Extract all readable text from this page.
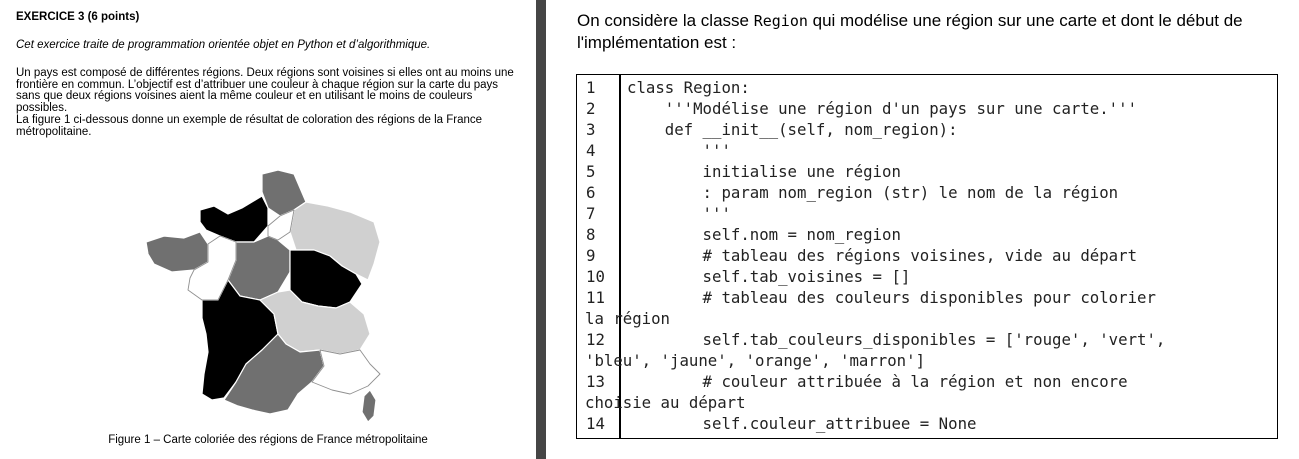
EXERCICE 3 (6 points)
Cet exercice traite de programmation orientée objet en Python et d’algorithmique.

Un pays est composé de différentes régions. Deux régions sont voisines si elles ont au moins une frontière en commun. L’objectif est d’attribuer une couleur à chaque région sur la carte du pays sans que deux régions voisines aient la même couleur et en utilisant le moins de couleurs possibles.

La figure 1 ci-dessous donne un exemple de résultat de coloration des régions de la France métropolitaine.

Figure 1 – Carte coloriée des régions de France métropolitaine
On considère la classe Region qui modélise une région sur une carte et dont le début de l'implémentation est :
1	class Region:
2	'''Modélise une région d'un pays sur une carte.'''
3	def __init__(self, nom_region):
4	'''
5	initialise une région
6	: param nom_region (str) le nom de la région
7	'''
8	self.nom = nom_region
9	# tableau des régions voisines, vide au départ
10	self.tab_voisines = []
11	# tableau des couleurs disponibles pour colorier
la région
12	self.tab_couleurs_disponibles = ['rouge', 'vert',
'bleu', 'jaune', 'orange', 'marron']
13	# couleur attribuée à la région et non encore
choisie au départ
14	self.couleur_attribuee = None
